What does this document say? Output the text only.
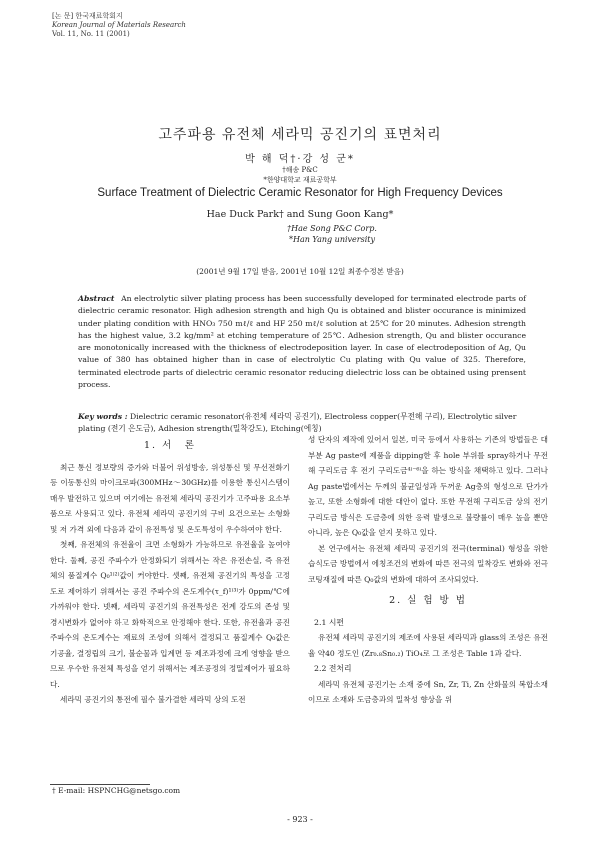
[논 문] 한국재료학회지
Korean Journal of Materials Research
Vol. 11, No. 11 (2001)
고주파용 유전체 세라믹 공진기의 표면처리
박 해 덕†·강 성 군*
†해송 P&C
*한양대학교 재료공학부
Surface Treatment of Dielectric Ceramic Resonator for High Frequency Devices
Hae Duck Park† and Sung Goon Kang*
†Hae Song P&C Corp.
*Han Yang university
(2001년 9월 17일 받음, 2001년 10월 12일 최종수정본 받음)
Abstract An electrolytic silver plating process has been successfully developed for terminated electrode parts of dielectric ceramic resonator. High adhesion strength and high Qu is obtained and blister occurance is minimized under plating condition with HNO₃ 750 mℓ/ℓ and HF 250 mℓ/ℓ solution at 25℃ for 20 minutes. Adhesion strength has the highest value, 3.2 kg/mm² at etching temperature of 25℃. Adhesion strength, Qu and blister occurance are monotonically increased with the thickness of electrodeposition layer. In case of electrodeposition of Ag, Qu value of 380 has obtained higher than in case of electrolytic Cu plating with Qu value of 325. Therefore, terminated electrode parts of dielectric ceramic resonator reducing dielectric loss can be obtained using prensent process.
Key words : Dielectric ceramic resonator(유전체 세라믹 공진기), Electroless copper(무전해 구리), Electrolytic silver plating (전기 은도금), Adhesion strength(밀착강도), Etching(에칭)
1. 서　론

최근 통신 정보량의 증가와 더불어 위성방송, 위성통신 및 무선전화기 등 이동통신의 마이크로파(300MHz～30GHz)를 이용한 통신시스템이 매우 발전하고 있으며 여기에는 유전체 세라믹 공진기가 고주파용 요소부품으로 사용되고 있다. 유전체 세라믹 공진기의 구비 요건으로는 소형화 및 저 가격 외에 다음과 같이 유전특성 및 온도특성이 우수하여야 한다.

첫째, 유전체의 유전율이 크면 소형화가 가능하므로 유전율을 높여야 한다. 둘째, 공진 주파수가 안정화되기 위해서는 작은 유전손실, 즉 유전체의 품질계수 Q₀¹⁾²⁾값이 커야한다. 셋째, 유전체 공진기의 특성을 고정도로 제어하기 위해서는 공진 주파수의 온도계수(τ_f)¹⁾³⁾가 0ppm/℃에 가까워야 한다. 넷째, 세라믹 공진기의 유전특성은 전계 강도의 존성 및 경시변화가 없어야 하고 화학적으로 안정해야 한다. 또한, 유전율과 공진 주파수의 온도계수는 재료의 조성에 의해서 결정되고 품질계수 Q₀값은 기공율, 결정립의 크기, 불순물과 입계면 등 제조과정에 크게 영향을 받으므로 우수한 유전체 특성을 얻기 위해서는 제조공정의 정밀제어가 필요하다.

세라믹 공진기의 통전에 필수 불가결한 세라믹 상의 도전

성 단자의 제작에 있어서 일본, 미국 등에서 사용하는 기존의 방법들은 대부분 Ag paste에 제품을 dipping한 후 hole 부위를 spray하거나 무전해 구리도금 후 전기 구리도금⁴⁾⁻⁶⁾을 하는 방식을 채택하고 있다. 그러나 Ag paste법에서는 두께의 불균일성과 두꺼운 Ag층의 형성으로 단가가 높고, 또한 소형화에 대한 대안이 없다. 또한 무전해 구리도금 상의 전기 구리도금 방식은 도금층에 의한 응력 발생으로 불량률이 매우 높을 뿐만 아니라, 높은 Q₀값을 얻지 못하고 있다.

본 연구에서는 유전체 세라믹 공진기의 전극(terminal) 형성을 위한 습식도금 방법에서 에칭조건의 변화에 따른 전극의 밀착강도 변화와 전극코팅재질에 따른 Q₀값의 변화에 대하여 조사되었다.

2. 실 험 방 법
2.1 시편

유전체 세라믹 공진기의 제조에 사용된 세라믹과 glass의 조성은 유전율 약40 정도인 (Zr₀.₈Sn₀.₂) TiO₄로 그 조성은 Table 1과 같다.

2.2 전처리

세라믹 유전체 공진기는 소재 중에 Sn, Zr, Ti, Zn 산화물의 복합소재이므로 소재와 도금층과의 밀착성 향상을 위

† E-mail: HSPNCHG@netsgo.com
- 923 -
